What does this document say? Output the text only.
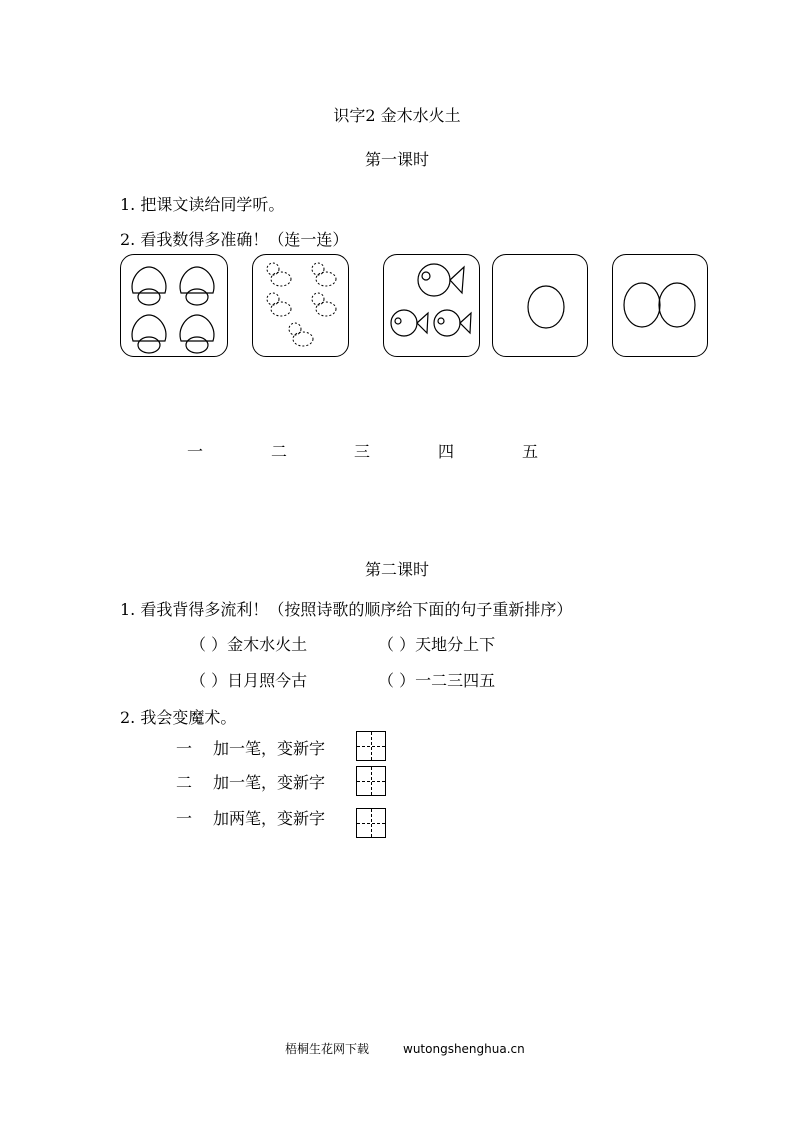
识字2 金木水火土
第一课时
1. 把课文读给同学听。
2. 看我数得多准确！（连一连）
一	二	三	四	五
第二课时
1. 看我背得多流利！（按照诗歌的顺序给下面的句子重新排序）
（ ）金木水火土	（ ）天地分上下
（ ）日月照今古	（ ）一二三四五
2. 我会变魔术。
一 加一笔，变新字
二 加一笔，变新字
一 加两笔，变新字
梧桐生花网下载	wutongshenghua.cn
